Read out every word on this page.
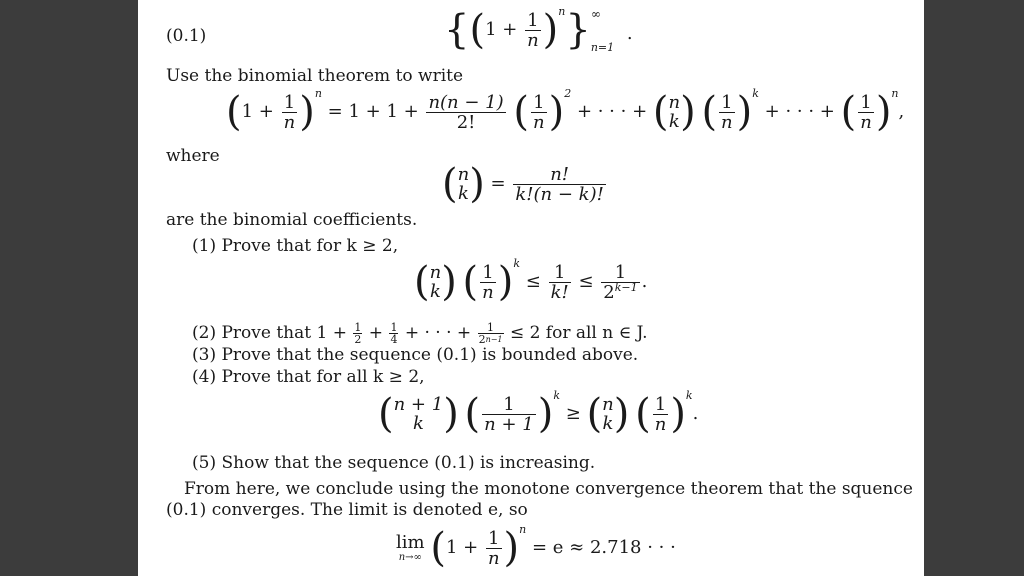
(0.1)	$\{(1 + \frac{1}{n} )^n\}$ ∞
n=1
.
Use the binomial theorem to write
$(1 + \frac{1}{n} )^n = 1 + 1 + \frac{n(n - 1)}{2!}$ ( $\frac{1}{n} )^2$ + · · · + ( n
k ) ( $\frac{1}{n} )^k$ + · · · + ( $\frac{1}{n} )^n$,
where
( n
k ) = $\frac{n!}{k!(n - k)!}$
are the binomial coefficients.
(1) Prove that for k ≥ 2,
( n
k ) ( $\frac{1}{n} )^k \le \frac{1}{k!} \le \frac{1}{2^{k-1}}$ .
(2) Prove that $1 + \frac{1}{2} + \frac{1}{4}$ + · · · + $\frac{1}{2^{n-1}} \le 2$ for all n ∈ J.
(3) Prove that the sequence (0.1) is bounded above.
(4) Prove that for all k ≥ 2,
( n + 1
k ) ( $\frac{1}{n + 1} )^k$ ≥ ( n
k ) ( $\frac{1}{n} )^k$.
(5) Show that the sequence (0.1) is increasing.
From here, we conclude using the monotone convergence theorem that the squence
(0.1) converges. The limit is denoted e, so
lim
n→∞ $(1 + \frac{1}{n} )^n = e \approx 2.718$ · · ·
